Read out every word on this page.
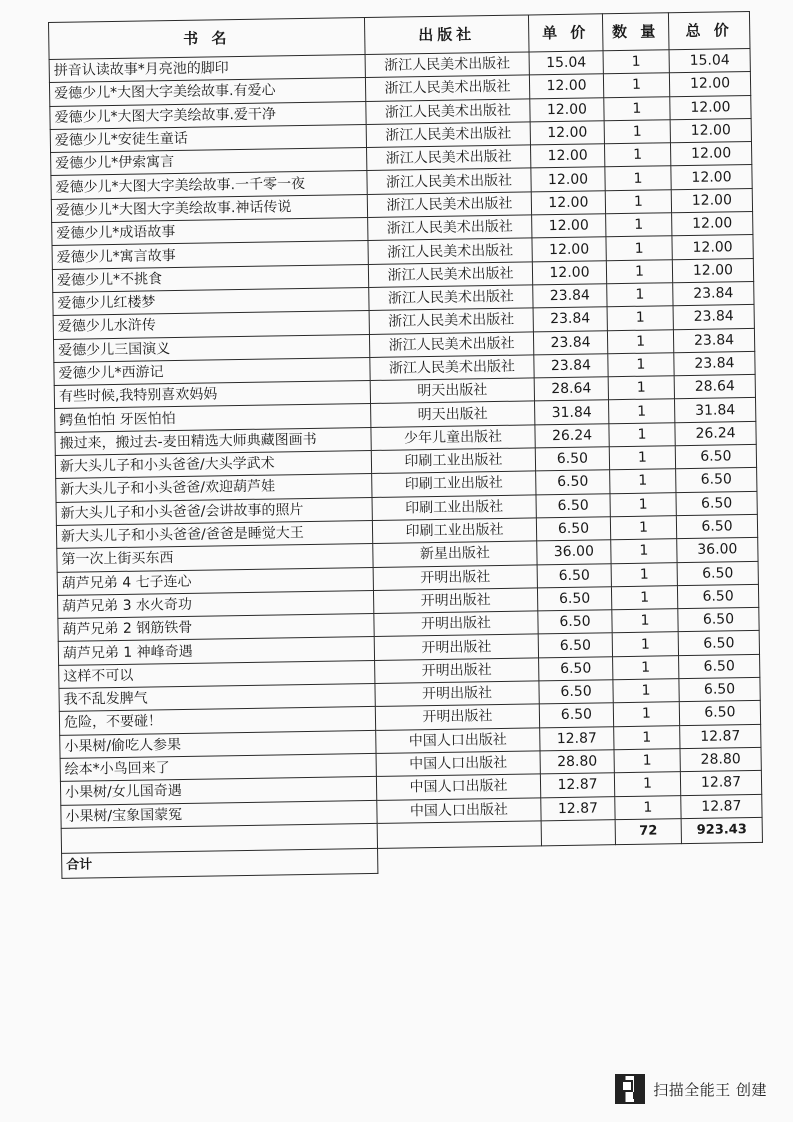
书 名	出版社	单 价	数 量	总 价
拼音认读故事*月亮池的脚印	浙江人民美术出版社	15.04	1	15.04
爱德少儿*大图大字美绘故事.有爱心	浙江人民美术出版社	12.00	1	12.00
爱德少儿*大图大字美绘故事.爱干净	浙江人民美术出版社	12.00	1	12.00
爱德少儿*安徒生童话	浙江人民美术出版社	12.00	1	12.00
爱德少儿*伊索寓言	浙江人民美术出版社	12.00	1	12.00
爱德少儿*大图大字美绘故事.一千零一夜	浙江人民美术出版社	12.00	1	12.00
爱德少儿*大图大字美绘故事.神话传说	浙江人民美术出版社	12.00	1	12.00
爱德少儿*成语故事	浙江人民美术出版社	12.00	1	12.00
爱德少儿*寓言故事	浙江人民美术出版社	12.00	1	12.00
爱德少儿*不挑食	浙江人民美术出版社	12.00	1	12.00
爱德少儿红楼梦	浙江人民美术出版社	23.84	1	23.84
爱德少儿水浒传	浙江人民美术出版社	23.84	1	23.84
爱德少儿三国演义	浙江人民美术出版社	23.84	1	23.84
爱德少儿*西游记	浙江人民美术出版社	23.84	1	23.84
有些时候,我特别喜欢妈妈	明天出版社	28.64	1	28.64
鳄鱼怕怕 牙医怕怕	明天出版社	31.84	1	31.84
搬过来，搬过去-麦田精选大师典藏图画书	少年儿童出版社	26.24	1	26.24
新大头儿子和小头爸爸/大头学武术	印刷工业出版社	6.50	1	6.50
新大头儿子和小头爸爸/欢迎葫芦娃	印刷工业出版社	6.50	1	6.50
新大头儿子和小头爸爸/会讲故事的照片	印刷工业出版社	6.50	1	6.50
新大头儿子和小头爸爸/爸爸是睡觉大王	印刷工业出版社	6.50	1	6.50
第一次上街买东西	新星出版社	36.00	1	36.00
葫芦兄弟 4 七子连心	开明出版社	6.50	1	6.50
葫芦兄弟 3 水火奇功	开明出版社	6.50	1	6.50
葫芦兄弟 2 钢筋铁骨	开明出版社	6.50	1	6.50
葫芦兄弟 1 神峰奇遇	开明出版社	6.50	1	6.50
这样不可以	开明出版社	6.50	1	6.50
我不乱发脾气	开明出版社	6.50	1	6.50
危险，不要碰！	开明出版社	6.50	1	6.50
小果树/偷吃人参果	中国人口出版社	12.87	1	12.87
绘本*小鸟回来了	中国人口出版社	28.80	1	28.80
小果树/女儿国奇遇	中国人口出版社	12.87	1	12.87
小果树/宝象国蒙冤	中国人口出版社	12.87	1	12.87
			72	923.43
合计				
扫描全能王 创建
